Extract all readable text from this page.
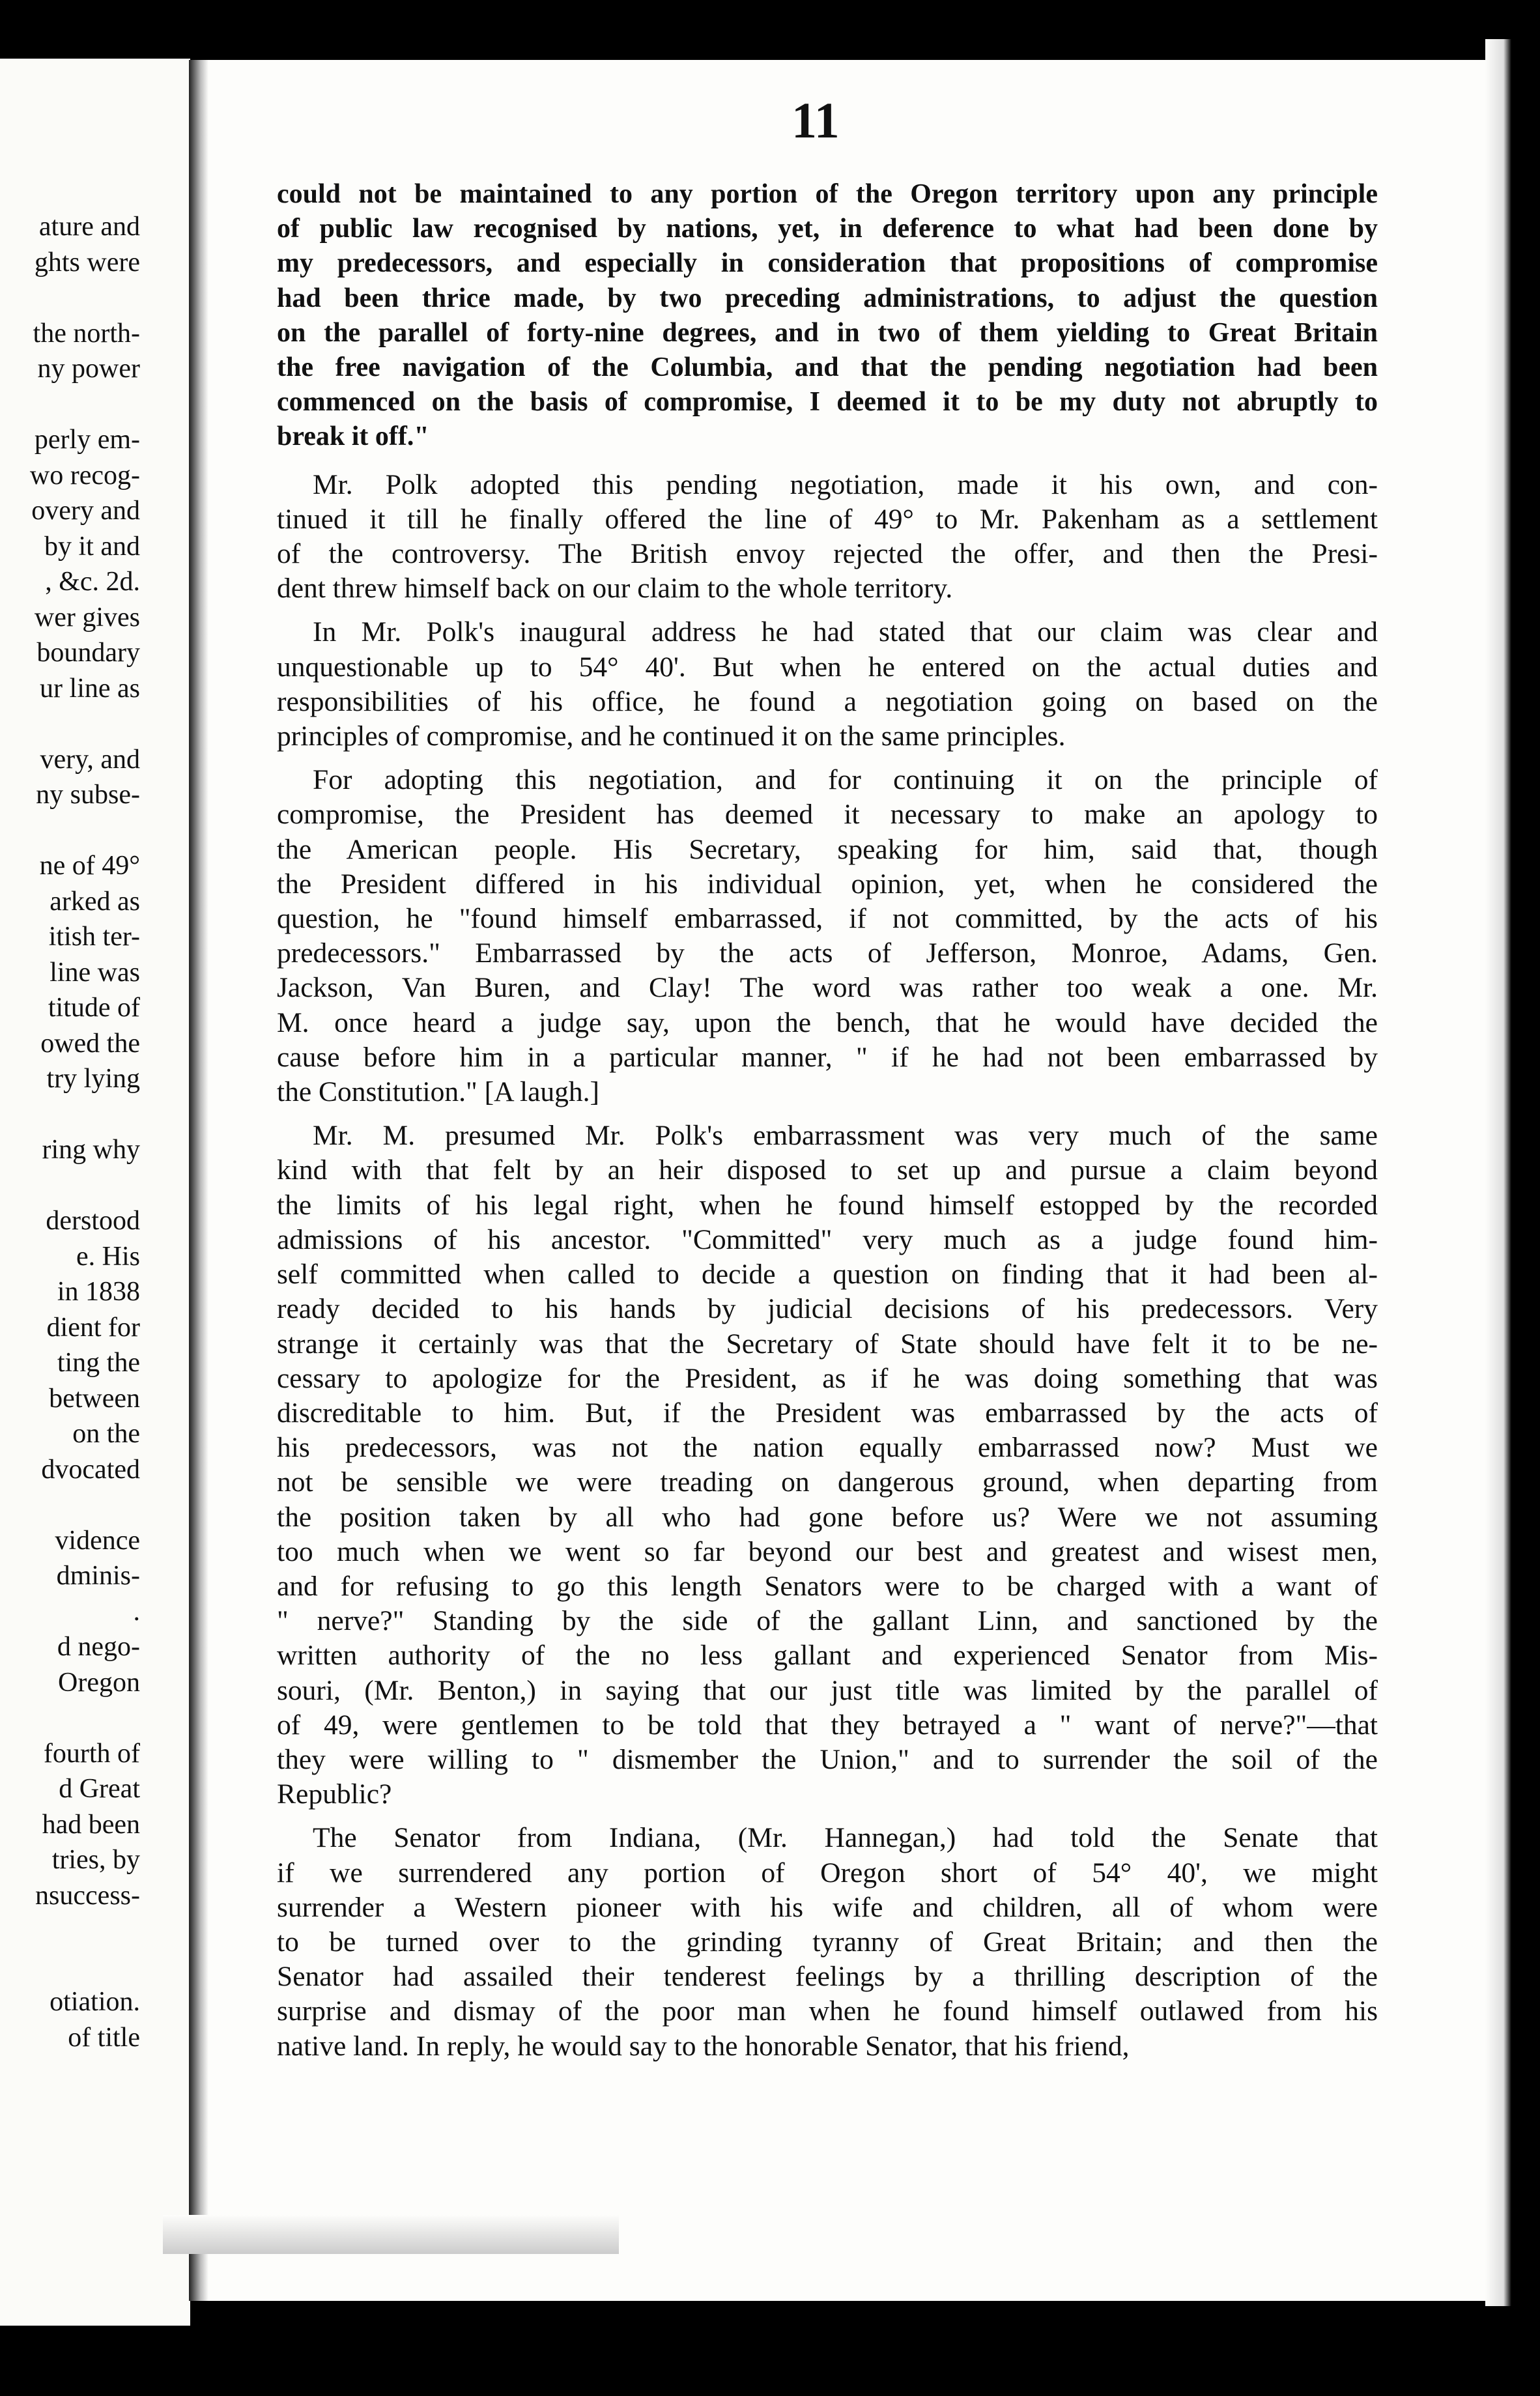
ature and
ghts were
the north-
ny power
perly em-
wo recog-
overy and
by it and
, &c. 2d.
wer gives
boundary
ur line as
very, and
ny subse-
ne of 49°
arked as
itish ter-
line was
titude of
owed the
try lying
ring why
derstood
e. His
in 1838
dient for
ting the
between
on the
dvocated
vidence
dminis-
.
d nego-
Oregon
fourth of
d Great
had been
tries, by
nsuccess-
otiation.
of title
11
could not be maintained to any portion of the Oregon territory upon any principle
of public law recognised by nations, yet, in deference to what had been done by
my predecessors, and especially in consideration that propositions of compromise
had been thrice made, by two preceding administrations, to adjust the question
on the parallel of forty-nine degrees, and in two of them yielding to Great Britain
the free navigation of the Columbia, and that the pending negotiation had been
commenced on the basis of compromise, I deemed it to be my duty not abruptly to
break it off."
Mr. Polk adopted this pending negotiation, made it his own, and con-
tinued it till he finally offered the line of 49° to Mr. Pakenham as a settlement
of the controversy. The British envoy rejected the offer, and then the Presi-
dent threw himself back on our claim to the whole territory.
In Mr. Polk's inaugural address he had stated that our claim was clear and
unquestionable up to 54° 40'. But when he entered on the actual duties and
responsibilities of his office, he found a negotiation going on based on the
principles of compromise, and he continued it on the same principles.
For adopting this negotiation, and for continuing it on the principle of
compromise, the President has deemed it necessary to make an apology to
the American people. His Secretary, speaking for him, said that, though
the President differed in his individual opinion, yet, when he considered the
question, he "found himself embarrassed, if not committed, by the acts of his
predecessors." Embarrassed by the acts of Jefferson, Monroe, Adams, Gen.
Jackson, Van Buren, and Clay! The word was rather too weak a one. Mr.
M. once heard a judge say, upon the bench, that he would have decided the
cause before him in a particular manner, " if he had not been embarrassed by
the Constitution." [A laugh.]
Mr. M. presumed Mr. Polk's embarrassment was very much of the same
kind with that felt by an heir disposed to set up and pursue a claim beyond
the limits of his legal right, when he found himself estopped by the recorded
admissions of his ancestor. "Committed" very much as a judge found him-
self committed when called to decide a question on finding that it had been al-
ready decided to his hands by judicial decisions of his predecessors. Very
strange it certainly was that the Secretary of State should have felt it to be ne-
cessary to apologize for the President, as if he was doing something that was
discreditable to him. But, if the President was embarrassed by the acts of
his predecessors, was not the nation equally embarrassed now? Must we
not be sensible we were treading on dangerous ground, when departing from
the position taken by all who had gone before us? Were we not assuming
too much when we went so far beyond our best and greatest and wisest men,
and for refusing to go this length Senators were to be charged with a want of
" nerve?" Standing by the side of the gallant Linn, and sanctioned by the
written authority of the no less gallant and experienced Senator from Mis-
souri, (Mr. Benton,) in saying that our just title was limited by the parallel of
of 49, were gentlemen to be told that they betrayed a " want of nerve?"—that
they were willing to " dismember the Union," and to surrender the soil of the
Republic?
The Senator from Indiana, (Mr. Hannegan,) had told the Senate that
if we surrendered any portion of Oregon short of 54° 40', we might
surrender a Western pioneer with his wife and children, all of whom were
to be turned over to the grinding tyranny of Great Britain; and then the
Senator had assailed their tenderest feelings by a thrilling description of the
surprise and dismay of the poor man when he found himself outlawed from his
native land. In reply, he would say to the honorable Senator, that his friend,
